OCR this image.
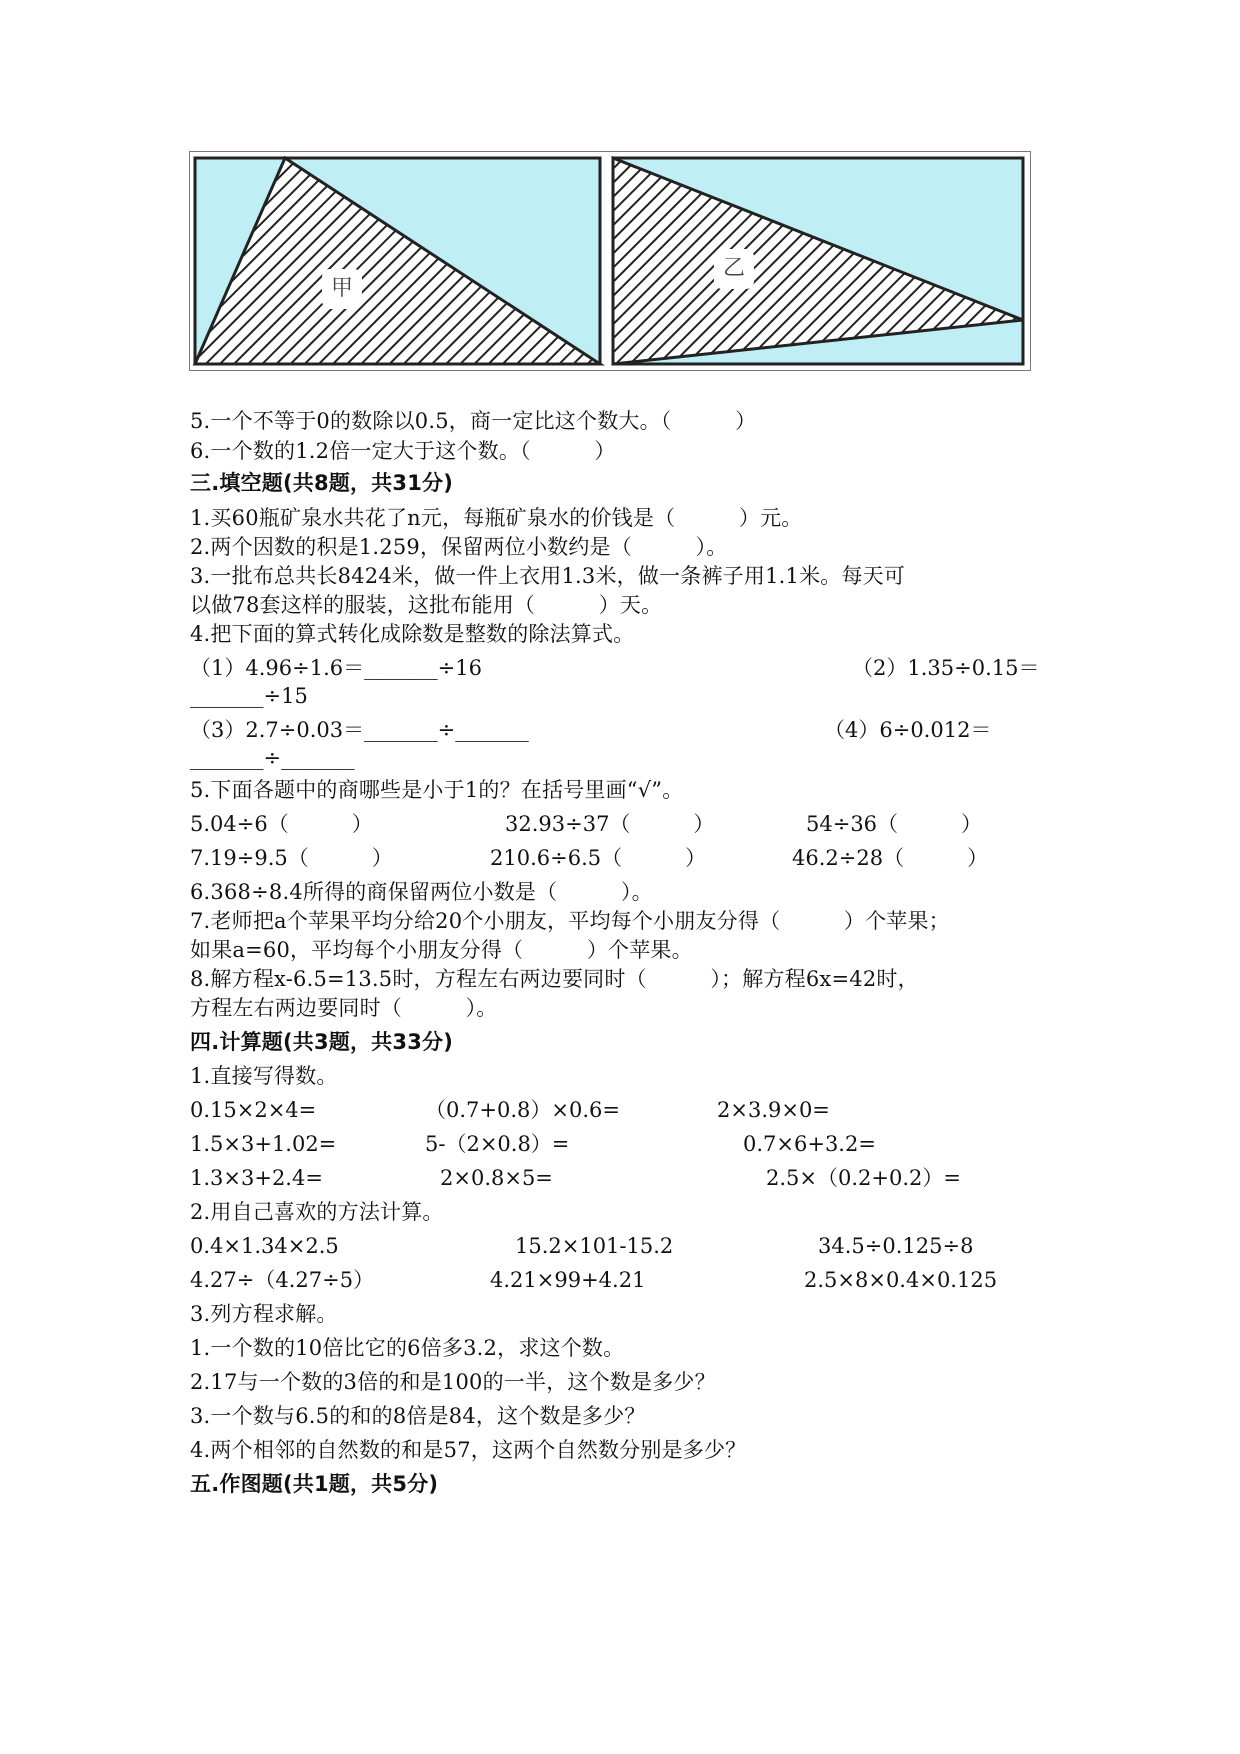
甲
乙
5.一个不等于0的数除以0.5，商一定比这个数大。（　　　）
6.一个数的1.2倍一定大于这个数。（　　　）
三.填空题(共8题，共31分)
1.买60瓶矿泉水共花了n元，每瓶矿泉水的价钱是（　　　）元。
2.两个因数的积是1.259，保留两位小数约是（　　　）。
3.一批布总共长8424米，做一件上衣用1.3米，做一条裤子用1.1米。每天可
以做78套这样的服装，这批布能用（　　　）天。
4.把下面的算式转化成除数是整数的除法算式。
（1）4.96÷1.6＝_______÷16	（2）1.35÷0.15＝
_______÷15
（3）2.7÷0.03＝_______÷_______	（4）6÷0.012＝
_______÷_______
5.下面各题中的商哪些是小于1的？在括号里画“√”。
5.04÷6（　　　）	32.93÷37（　　　）	54÷36（　　　）
7.19÷9.5（　　　）	210.6÷6.5（　　　）	46.2÷28（　　　）
6.368÷8.4所得的商保留两位小数是（　　　）。
7.老师把a个苹果平均分给20个小朋友，平均每个小朋友分得（　　　）个苹果；
如果a=60，平均每个小朋友分得（　　　）个苹果。
8.解方程x-6.5=13.5时，方程左右两边要同时（　　　）；解方程6x=42时，
方程左右两边要同时（　　　）。
四.计算题(共3题，共33分)
1.直接写得数。
0.15×2×4=	（0.7+0.8）×0.6=	2×3.9×0=
1.5×3+1.02=	5-（2×0.8）=	0.7×6+3.2=
1.3×3+2.4=	2×0.8×5=	2.5×（0.2+0.2）=
2.用自己喜欢的方法计算。
0.4×1.34×2.5	15.2×101-15.2	34.5÷0.125÷8
4.27÷（4.27÷5）	4.21×99+4.21	2.5×8×0.4×0.125
3.列方程求解。
1.一个数的10倍比它的6倍多3.2，求这个数。
2.17与一个数的3倍的和是100的一半，这个数是多少？
3.一个数与6.5的和的8倍是84，这个数是多少？
4.两个相邻的自然数的和是57，这两个自然数分别是多少？
五.作图题(共1题，共5分)
